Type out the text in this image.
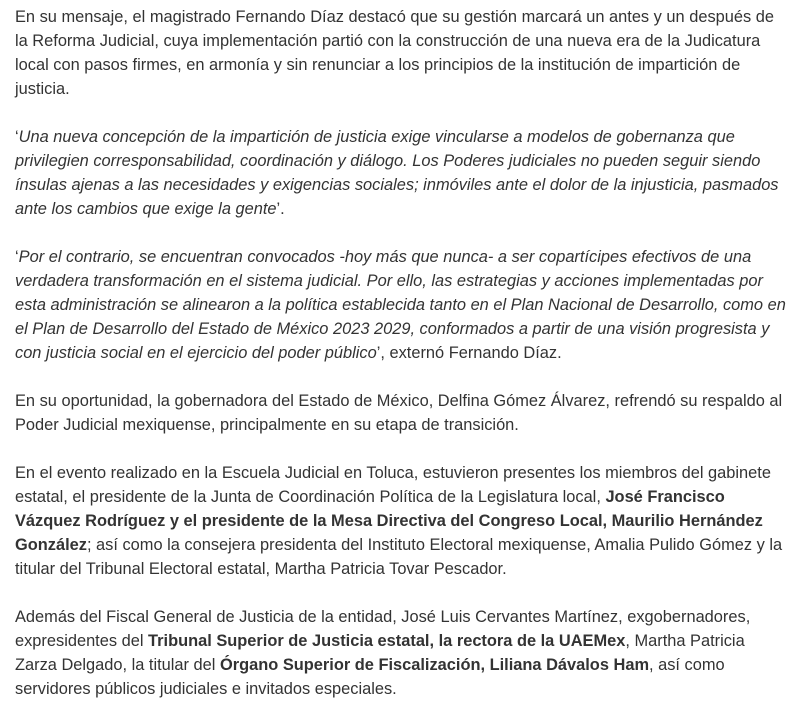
En su mensaje, el magistrado Fernando Díaz destacó que su gestión marcará un antes y un después de la Reforma Judicial, cuya implementación partió con la construcción de una nueva era de la Judicatura local con pasos firmes, en armonía y sin renunciar a los principios de la institución de impartición de justicia.

‘Una nueva concepción de la impartición de justicia exige vincularse a modelos de gobernanza que privilegien corresponsabilidad, coordinación y diálogo. Los Poderes judiciales no pueden seguir siendo ínsulas ajenas a las necesidades y exigencias sociales; inmóviles ante el dolor de la injusticia, pasmados ante los cambios que exige la gente’.

‘Por el contrario, se encuentran convocados -hoy más que nunca- a ser copartícipes efectivos de una verdadera transformación en el sistema judicial. Por ello, las estrategias y acciones implementadas por esta administración se alinearon a la política establecida tanto en el Plan Nacional de Desarrollo, como en el Plan de Desarrollo del Estado de México 2023 2029, conformados a partir de una visión progresista y con justicia social en el ejercicio del poder público’, externó Fernando Díaz.

En su oportunidad, la gobernadora del Estado de México, Delfina Gómez Álvarez, refrendó su respaldo al Poder Judicial mexiquense, principalmente en su etapa de transición.

En el evento realizado en la Escuela Judicial en Toluca, estuvieron presentes los miembros del gabinete estatal, el presidente de la Junta de Coordinación Política de la Legislatura local, José Francisco Vázquez Rodríguez y el presidente de la Mesa Directiva del Congreso Local, Maurilio Hernández González; así como la consejera presidenta del Instituto Electoral mexiquense, Amalia Pulido Gómez y la titular del Tribunal Electoral estatal, Martha Patricia Tovar Pescador.

Además del Fiscal General de Justicia de la entidad, José Luis Cervantes Martínez, exgobernadores, expresidentes del Tribunal Superior de Justicia estatal, la rectora de la UAEMex, Martha Patricia Zarza Delgado, la titular del Órgano Superior de Fiscalización, Liliana Dávalos Ham, así como servidores públicos judiciales e invitados especiales.
